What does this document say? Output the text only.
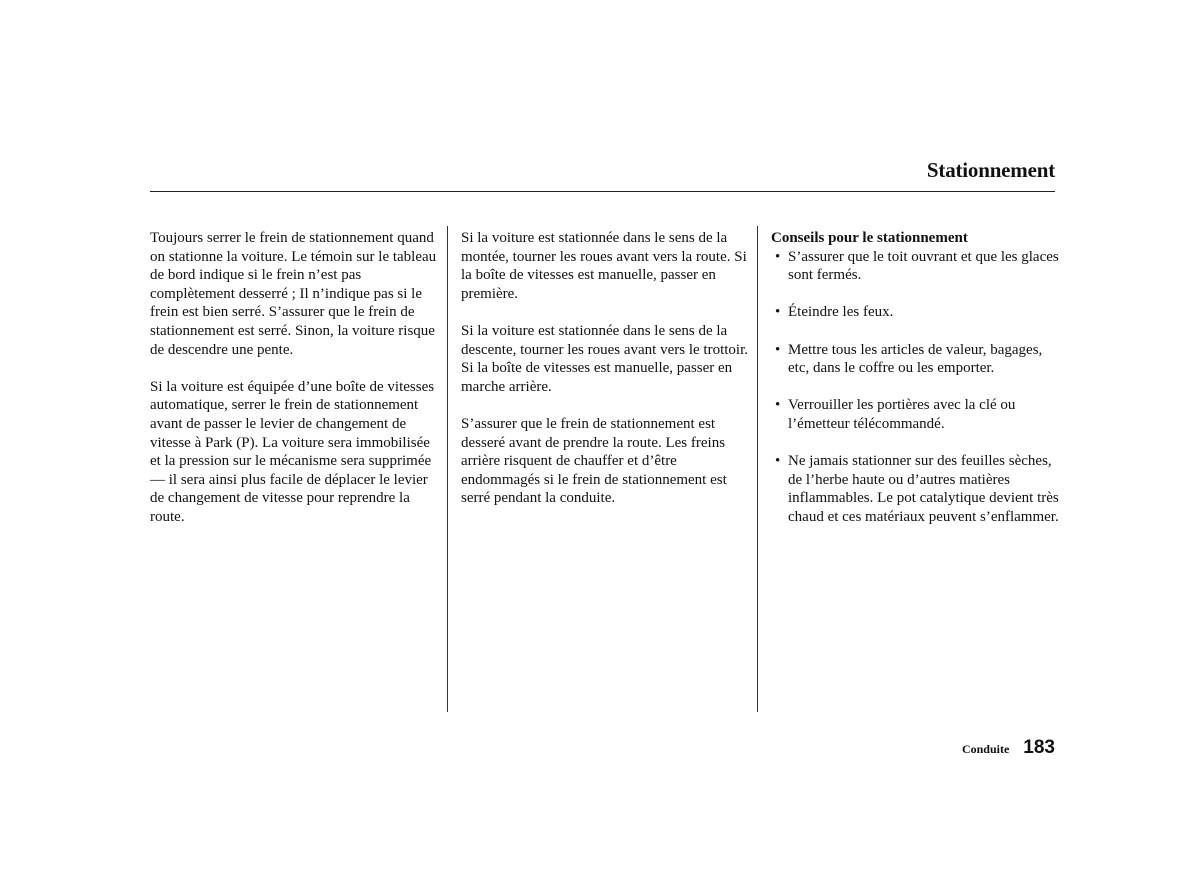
Stationnement

Toujours serrer le frein de stationnement quand on stationne la voiture. Le témoin sur le tableau de bord indique si le frein n’est pas complètement desserré ; Il n’indique pas si le frein est bien serré. S’assurer que le frein de stationnement est serré. Sinon, la voiture risque de descendre une pente.

Si la voiture est équipée d’une boîte de vitesses automatique, serrer le frein de stationnement avant de passer le levier de changement de vitesse à Park (P). La voiture sera immobilisée et la pression sur le mécanisme sera supprimée — il sera ainsi plus facile de déplacer le levier de changement de vitesse pour reprendre la route.

Si la voiture est stationnée dans le sens de la montée, tourner les roues avant vers la route. Si la boîte de vitesses est manuelle, passer en première.

Si la voiture est stationnée dans le sens de la descente, tourner les roues avant vers le trottoir. Si la boîte de vitesses est manuelle, passer en marche arrière.

S’assurer que le frein de stationnement est desseré avant de prendre la route. Les freins arrière risquent de chauffer et d’être endommagés si le frein de stationnement est serré pendant la conduite.

Conseils pour le stationnement
• S’assurer que le toit ouvrant et que les glaces sont fermés.
• Éteindre les feux.
• Mettre tous les articles de valeur, bagages, etc, dans le coffre ou les emporter.
• Verrouiller les portières avec la clé ou l’émetteur télécommandé.
• Ne jamais stationner sur des feuilles sèches, de l’herbe haute ou d’autres matières inflammables. Le pot catalytique devient très chaud et ces matériaux peuvent s’enflammer.
Conduite 183
